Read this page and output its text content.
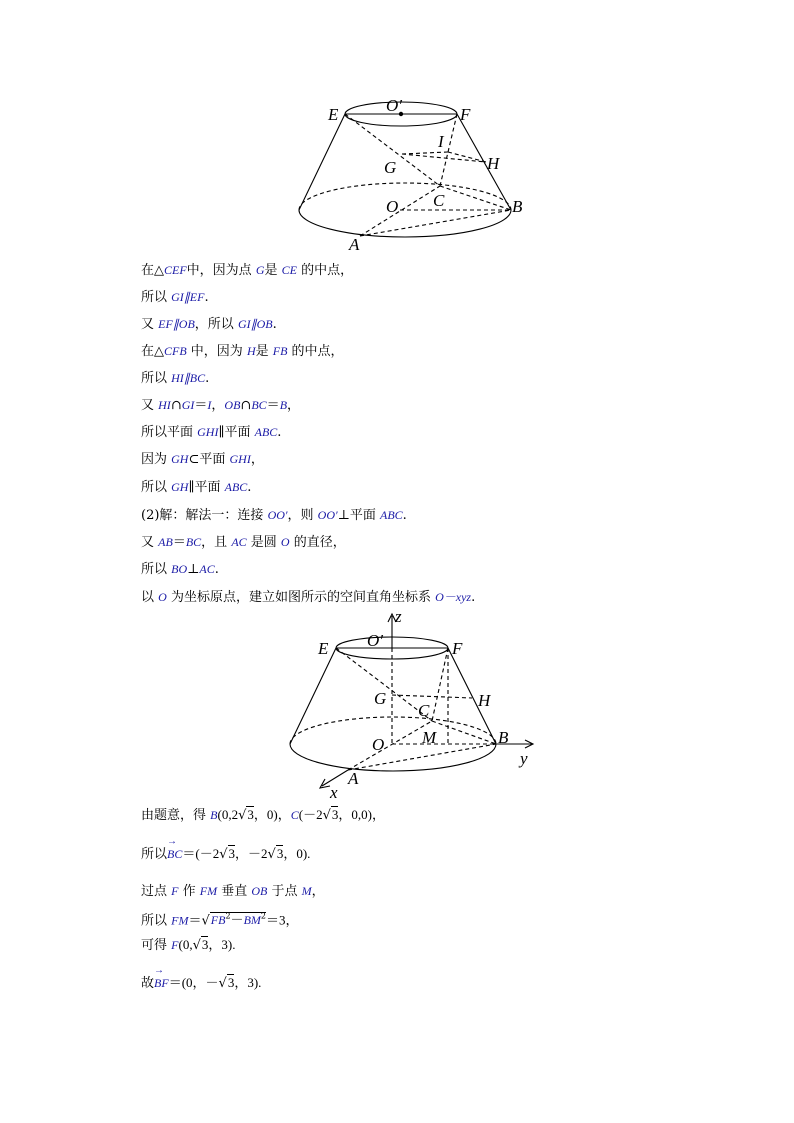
E	O′	F
I
G	H
C
O	B
A
在△CEF中，因为点 G是 CE 的中点，
所以 GI∥EF.
又 EF∥OB，所以 GI∥OB.
在△CFB 中，因为 H是 FB 的中点，
所以 HI∥BC.
又 HI∩GI＝I，OB∩BC＝B，
所以平面 GHI∥平面 ABC.
因为 GH⊂平面 GHI，
所以 GH∥平面 ABC.
(2)解：解法一：连接 OO′，则 OO′⊥平面 ABC.
又 AB＝BC，且 AC 是圆 O 的直径，
所以 BO⊥AC.
以 O 为坐标原点，建立如图所示的空间直角坐标系 O－xyz.
z
O′
E	F
G	H
C
M
O	B
y
A
x
由题意，得 B(0,2√3，0)，C(－2√3，0,0)，
所以→ BC＝(－2√3，－2√3，0).
过点 F 作 FM 垂直 OB 于点 M，
所以 $FM=√FB^2-BM^2=3$，
可得 F(0,√3，3).
故→ BF＝(0，－√3，3).
